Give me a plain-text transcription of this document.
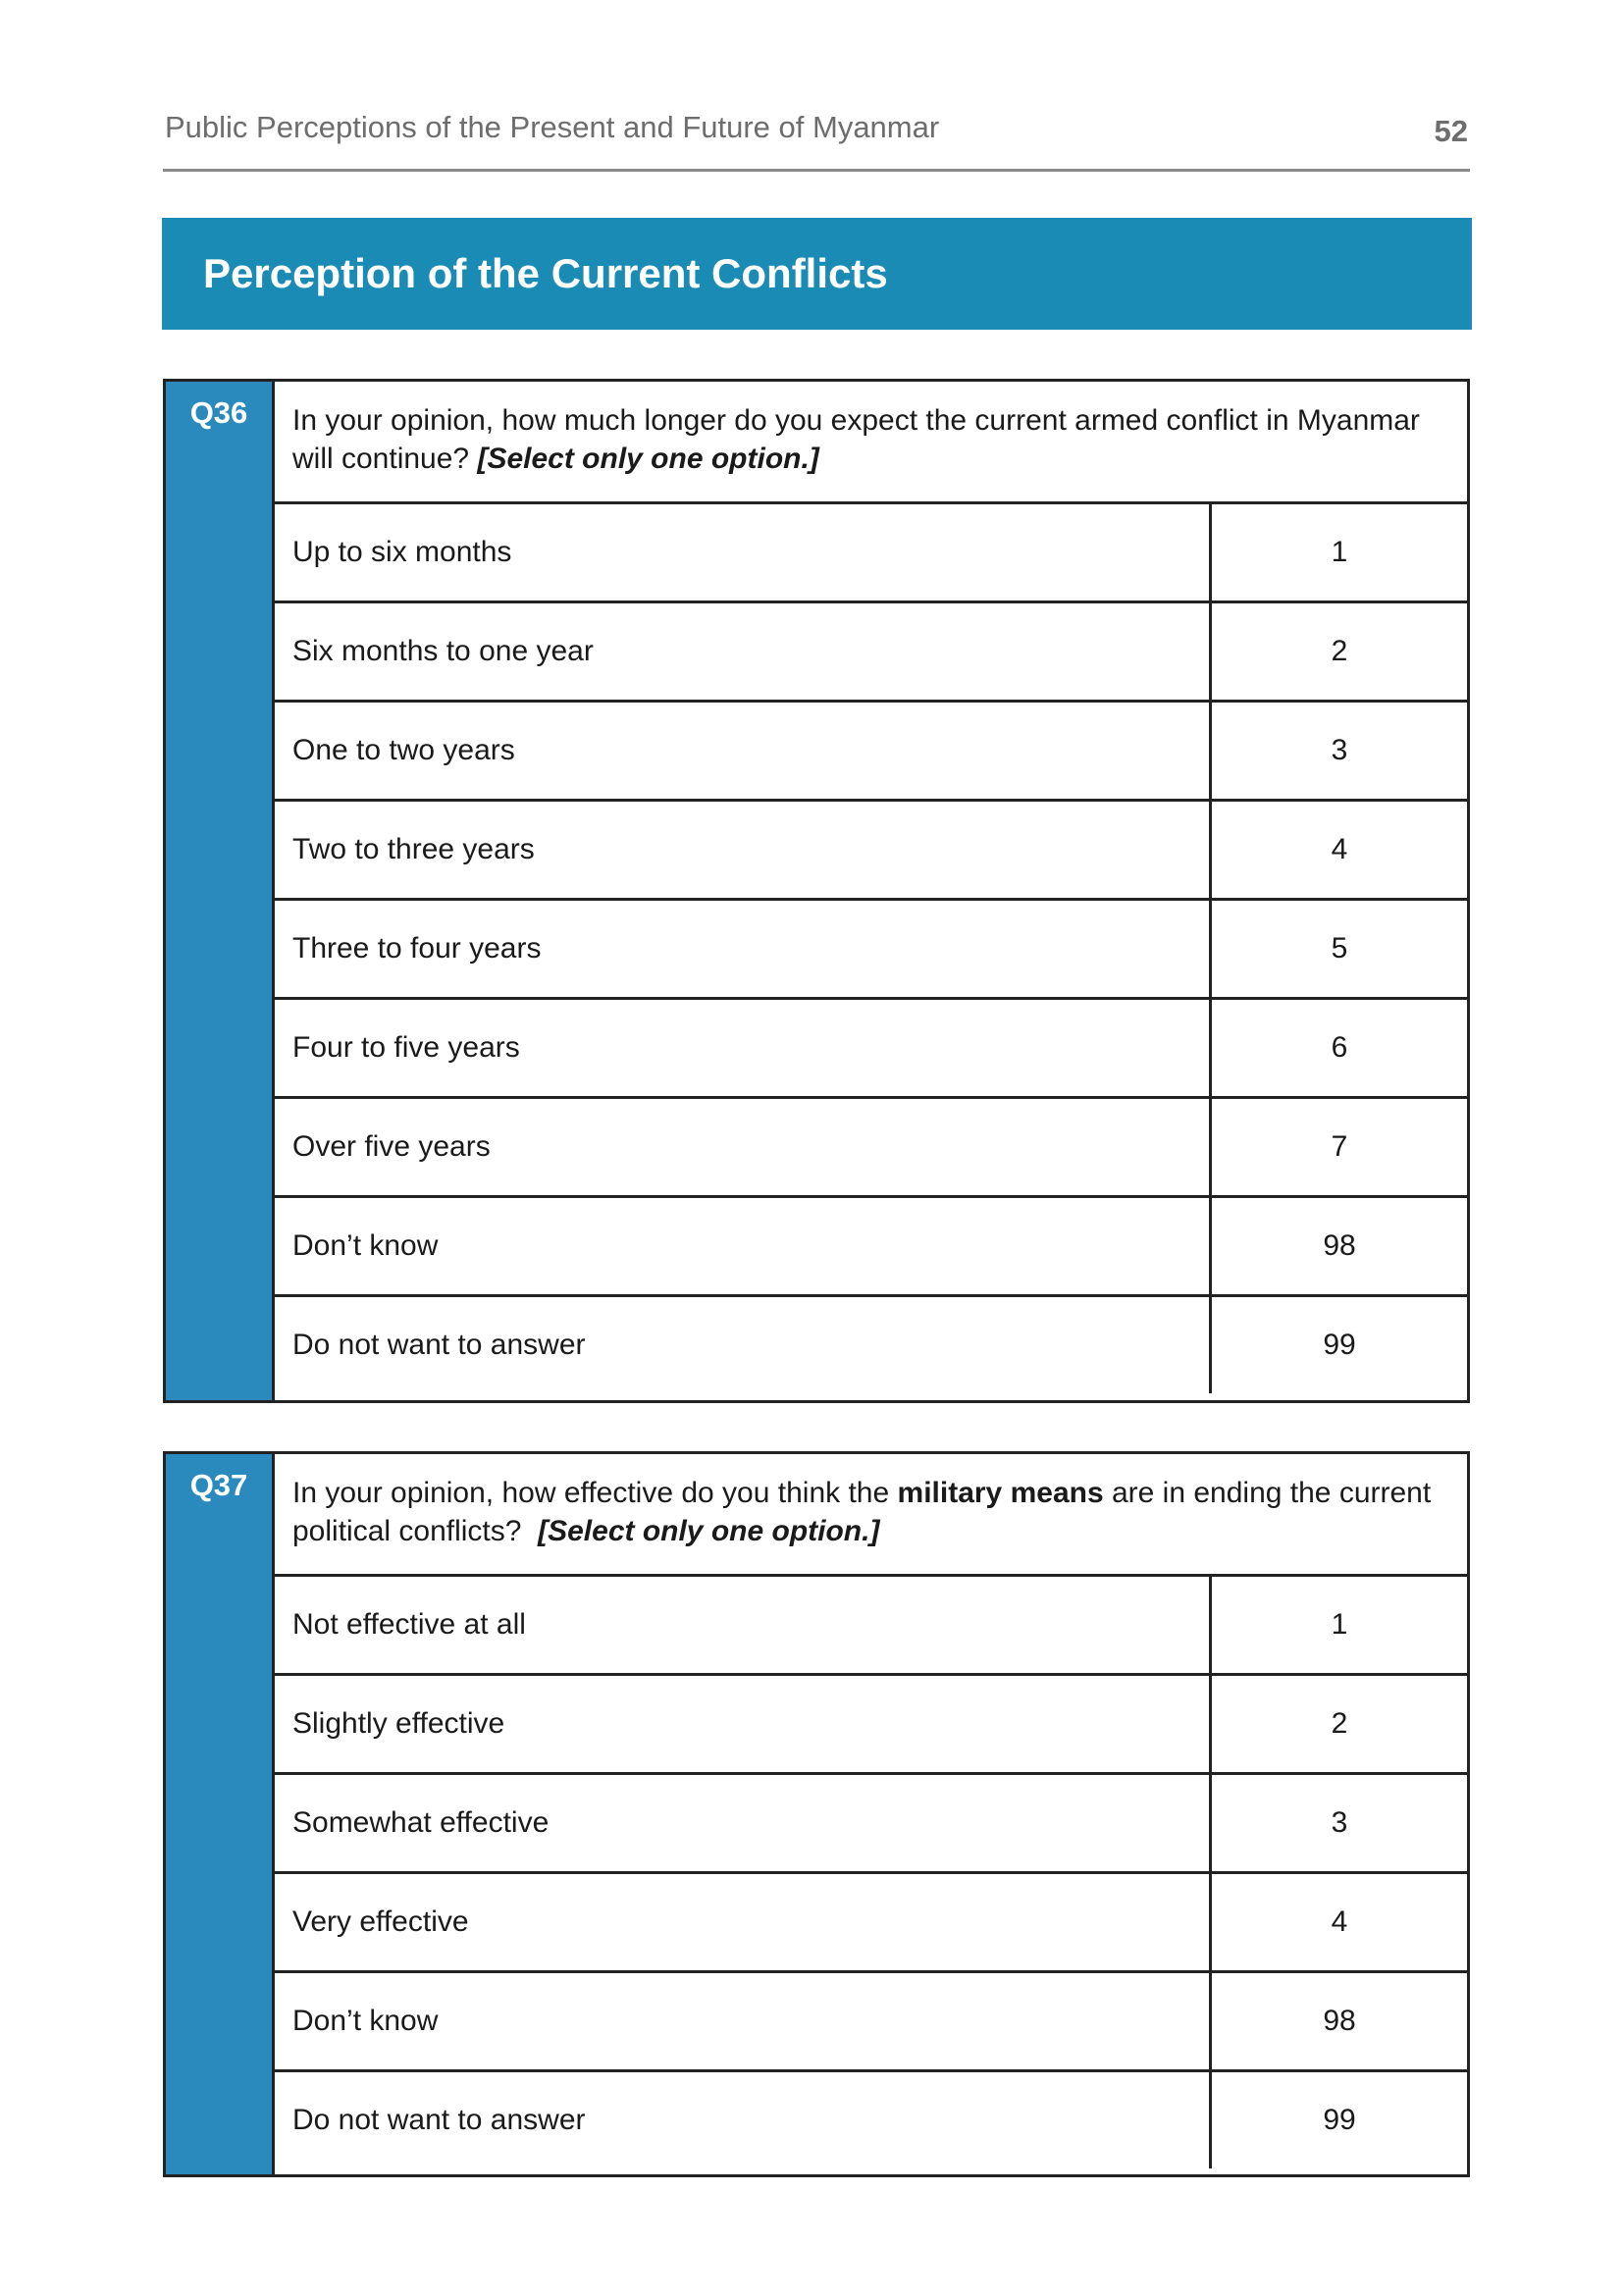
Public Perceptions of the Present and Future of Myanmar	52
Perception of the Current Conflicts
Q36	In your opinion, how much longer do you expect the current armed conflict in Myanmar will continue? [Select only one option.]
Up to six months	1
Six months to one year	2
One to two years	3
Two to three years	4
Three to four years	5
Four to five years	6
Over five years	7
Don’t know	98
Do not want to answer	99
Q37	In your opinion, how effective do you think the military means are in ending the current political conflicts? [Select only one option.]
Not effective at all	1
Slightly effective	2
Somewhat effective	3
Very effective	4
Don’t know	98
Do not want to answer	99
